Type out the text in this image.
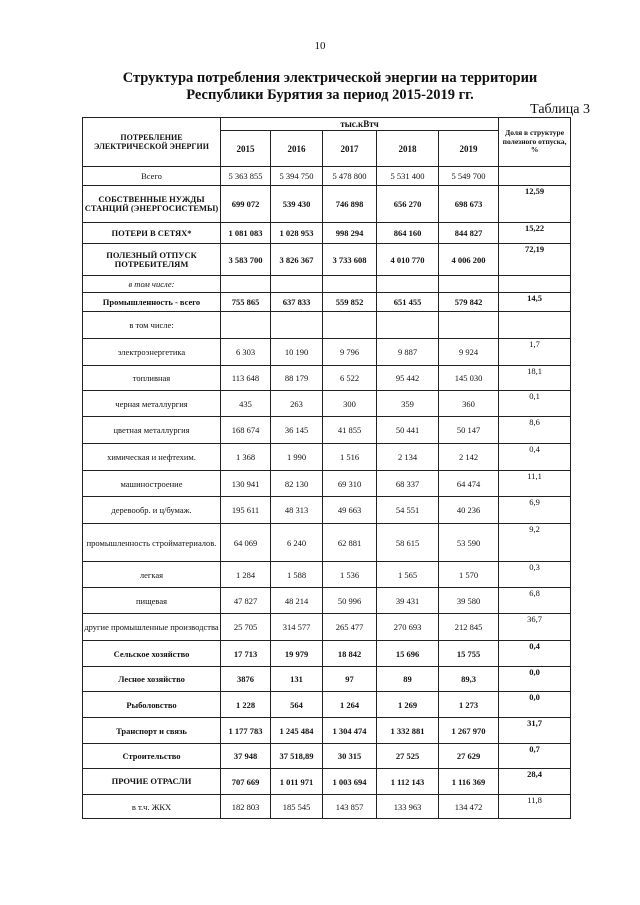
10
Структура потребления электрической энергии на территории
Республики Бурятия за период 2015-2019 гг.
Таблица 3
ПОТРЕБЛЕНИЕ ЭЛЕКТРИЧЕСКОЙ ЭНЕРГИИ	тыс.кВтч					Доля в структуре полезного отпуска, %
	2015	2016	2017	2018	2019	
Всего	5 363 855	5 394 750	5 478 800	5 531 400	5 549 700	
СОБСТВЕННЫЕ НУЖДЫ СТАНЦИЙ (ЭНЕРГОСИСТЕМЫ)	699 072	539 430	746 898	656 270	698 673	12,59
ПОТЕРИ В СЕТЯХ*	1 081 083	1 028 953	998 294	864 160	844 827	15,22
ПОЛЕЗНЫЙ ОТПУСК ПОТРЕБИТЕЛЯМ	3 583 700	3 826 367	3 733 608	4 010 770	4 006 200	72,19
в том числе:						
Промышленность - всего	755 865	637 833	559 852	651 455	579 842	14,5
в том числе:						
электроэнергетика	6 303	10 190	9 796	9 887	9 924	1,7
топливная	113 648	88 179	6 522	95 442	145 030	18,1
черная металлургия	435	263	300	359	360	0,1
цветная металлургия	168 674	36 145	41 855	50 441	50 147	8,6
химическая и нефтехим.	1 368	1 990	1 516	2 134	2 142	0,4
машиностроение	130 941	82 130	69 310	68 337	64 474	11,1
деревообр. и ц/бумаж.	195 611	48 313	49 663	54 551	40 236	6,9
промышленность стройматериалов.	64 069	6 240	62 881	58 615	53 590	9,2
легкая	1 284	1 588	1 536	1 565	1 570	0,3
пищевая	47 827	48 214	50 996	39 431	39 580	6,8
другие промышленные производства	25 705	314 577	265 477	270 693	212 845	36,7
Сельское хозяйство	17 713	19 979	18 842	15 696	15 755	0,4
Лесное хозяйство	3876	131	97	89	89,3	0,0
Рыболовство	1 228	564	1 264	1 269	1 273	0,0
Транспорт и связь	1 177 783	1 245 484	1 304 474	1 332 881	1 267 970	31,7
Строительство	37 948	37 518,89	30 315	27 525	27 629	0,7
ПРОЧИЕ ОТРАСЛИ	707 669	1 011 971	1 003 694	1 112 143	1 116 369	28,4
в т.ч. ЖКХ	182 803	185 545	143 857	133 963	134 472	11,8
